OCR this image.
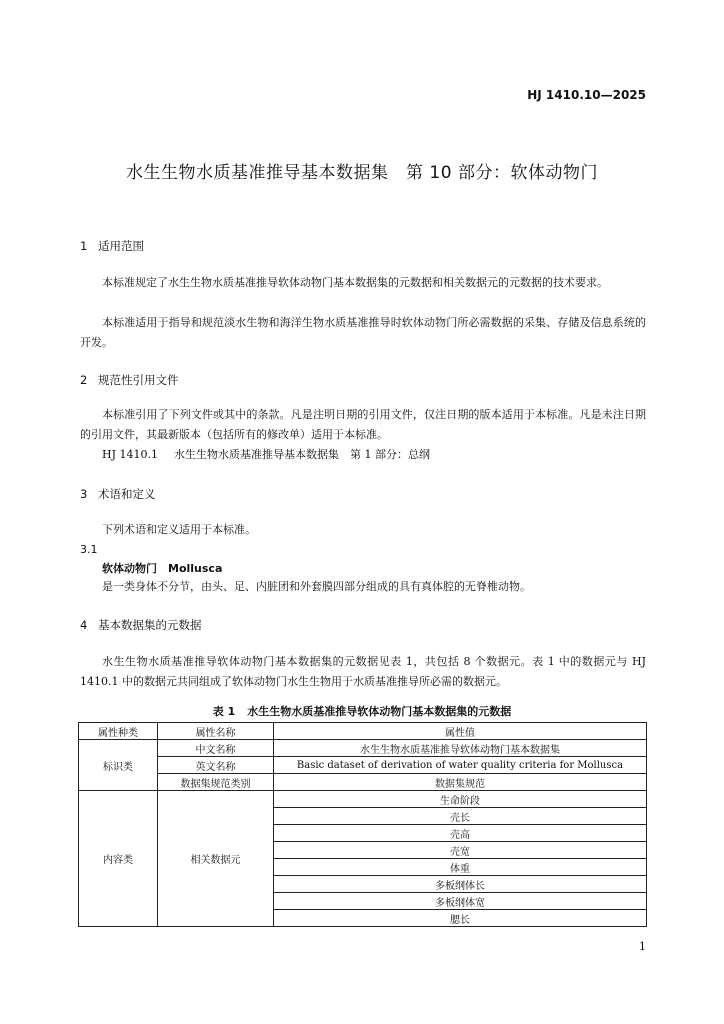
HJ 1410.10—2025
水生生物水质基准推导基本数据集　第 10 部分：软体动物门
1 适用范围
本标准规定了水生生物水质基准推导软体动物门基本数据集的元数据和相关数据元的元数据的技术要求。
本标准适用于指导和规范淡水生物和海洋生物水质基准推导时软体动物门所必需数据的采集、存储及信息系统的开发。
2 规范性引用文件
本标准引用了下列文件或其中的条款。凡是注明日期的引用文件，仅注日期的版本适用于本标准。凡是未注日期的引用文件，其最新版本（包括所有的修改单）适用于本标准。
HJ 1410.1 水生生物水质基准推导基本数据集　第 1 部分：总纲
3 术语和定义
下列术语和定义适用于本标准。
3.1
软体动物门　Mollusca
是一类身体不分节，由头、足、内脏团和外套膜四部分组成的具有真体腔的无脊椎动物。
4 基本数据集的元数据
水生生物水质基准推导软体动物门基本数据集的元数据见表 1，共包括 8 个数据元。表 1 中的数据元与 HJ 1410.1 中的数据元共同组成了软体动物门水生生物用于水质基准推导所必需的数据元。
表 1 水生生物水质基准推导软体动物门基本数据集的元数据
属性种类	属性名称	属性值
标识类	中文名称	水生生物水质基准推导软体动物门基本数据集
	英文名称	Basic dataset of derivation of water quality criteria for Mollusca
	数据集规范类别	数据集规范
内容类	相关数据元	生命阶段
		壳长
		壳高
		壳宽
		体重
		多板纲体长
		多板纲体宽
		腮长
1
